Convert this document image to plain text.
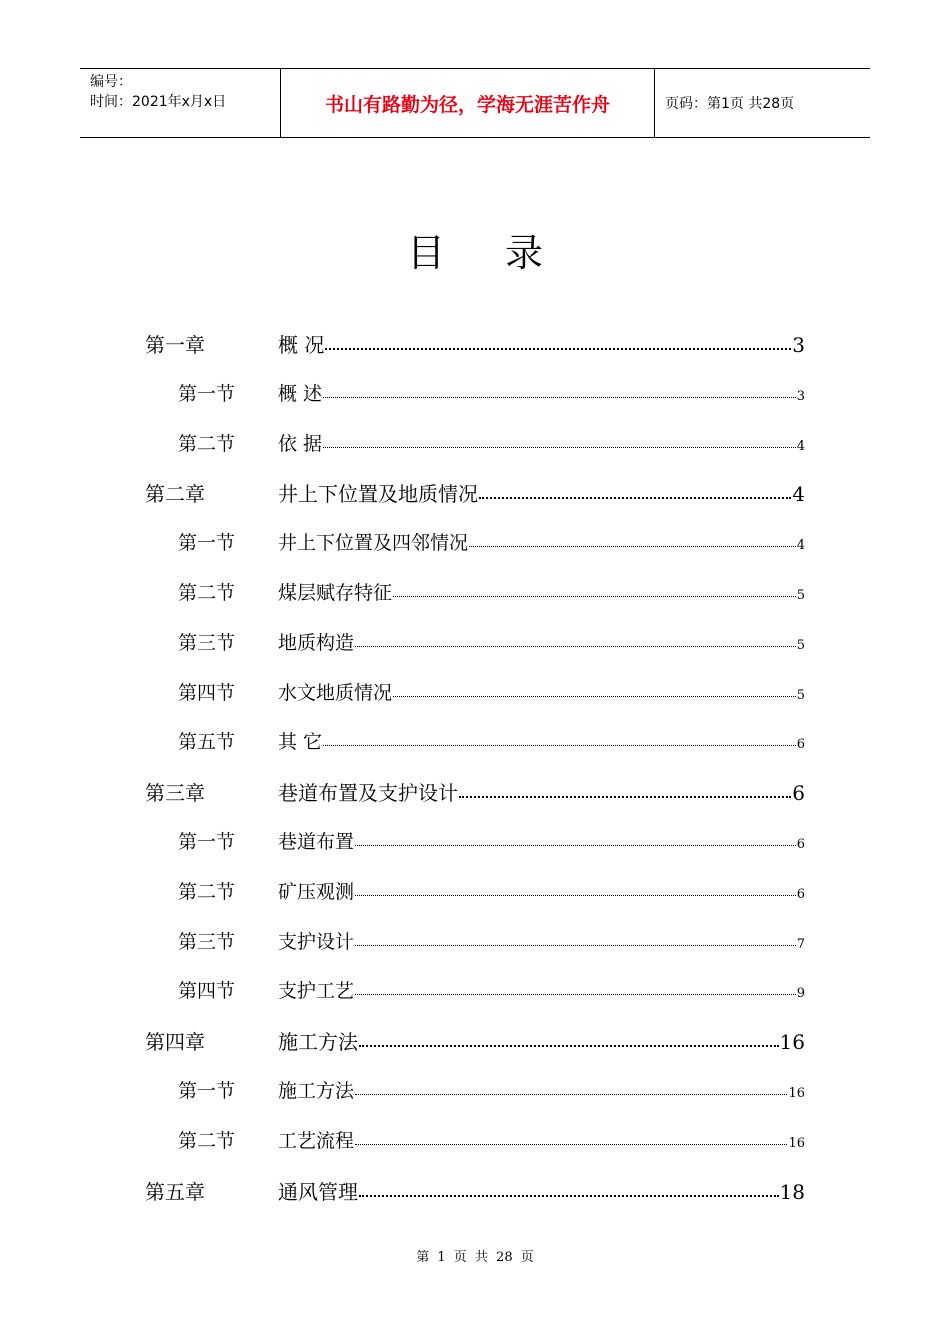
编号：
时间：2021年x月x日	书山有路勤为径，学海无涯苦作舟	页码：第1页 共28页
目录
第一章	概 况	3
第一节 概 述	3
第二节 依 据	4
第二章	井上下位置及地质情况	4
第一节 井上下位置及四邻情况	4
第二节 煤层赋存特征	5
第三节 地质构造	5
第四节 水文地质情况	5
第五节 其 它	6
第三章	巷道布置及支护设计	6
第一节 巷道布置	6
第二节 矿压观测	6
第三节 支护设计	7
第四节 支护工艺	9
第四章	施工方法	16
第一节 施工方法	16
第二节 工艺流程	16
第五章	通风管理	18
第 1 页 共 28 页
